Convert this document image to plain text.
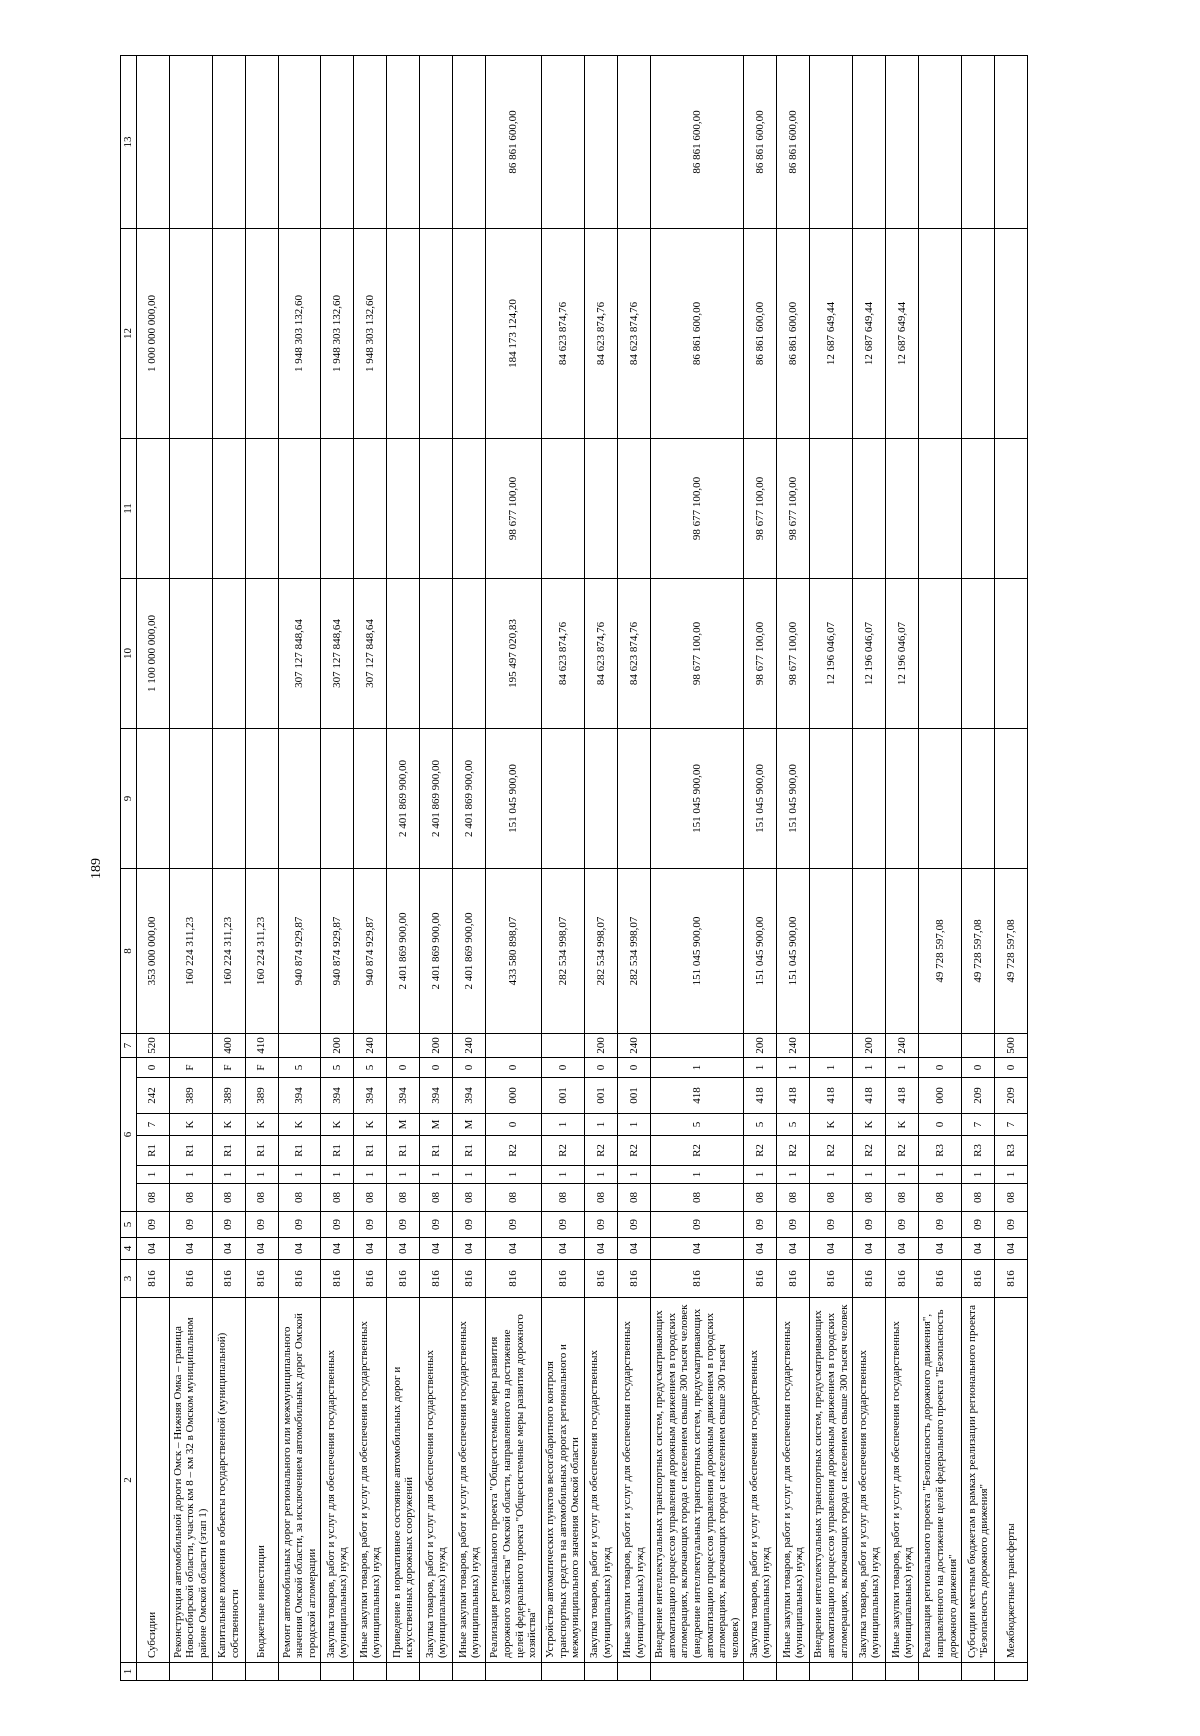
189
1	2	3	4	5	6						7	8	9	10	11	12	13
	Субсидии	816	04	09	08	1	R1	7	242	0	520	353 000 000,00		1 100 000 000,00		1 000 000 000,00	
	Реконструкция автомобильной дороги Омск – Нижняя Омка – граница Новосибирской области, участок км 8 – км 32 в Омском муниципальном районе Омской области (этап 1)	816	04	09	08	1	R1	K	389	F		160 224 311,23					
	Капитальные вложения в объекты государственной (муниципальной) собственности	816	04	09	08	1	R1	K	389	F	400	160 224 311,23					
	Бюджетные инвестиции	816	04	09	08	1	R1	K	389	F	410	160 224 311,23					
	Ремонт автомобильных дорог регионального или межмуниципального значения Омской области, за исключением автомобильных дорог Омской городской агломерации	816	04	09	08	1	R1	K	394	5		940 874 929,87		307 127 848,64		1 948 303 132,60	
	Закупка товаров, работ и услуг для обеспечения государственных (муниципальных) нужд	816	04	09	08	1	R1	K	394	5	200	940 874 929,87		307 127 848,64		1 948 303 132,60	
	Иные закупки товаров, работ и услуг для обеспечения государственных (муниципальных) нужд	816	04	09	08	1	R1	K	394	5	240	940 874 929,87		307 127 848,64		1 948 303 132,60	
	Приведение в нормативное состояние автомобильных дорог и искусственных дорожных сооружений	816	04	09	08	1	R1	M	394	0		2 401 869 900,00	2 401 869 900,00				
	Закупка товаров, работ и услуг для обеспечения государственных (муниципальных) нужд	816	04	09	08	1	R1	M	394	0	200	2 401 869 900,00	2 401 869 900,00				
	Иные закупки товаров, работ и услуг для обеспечения государственных (муниципальных) нужд	816	04	09	08	1	R1	M	394	0	240	2 401 869 900,00	2 401 869 900,00				
	Реализация регионального проекта "Общесистемные меры развития дорожного хозяйства" Омской области, направленного на достижение целей федерального проекта "Общесистемные меры развития дорожного хозяйства"	816	04	09	08	1	R2	0	000	0		433 580 898,07	151 045 900,00	195 497 020,83	98 677 100,00	184 173 124,20	86 861 600,00
	Устройство автоматических пунктов весогабаритного контроля транспортных средств на автомобильных дорогах регионального и межмуниципального значения Омской области	816	04	09	08	1	R2	1	001	0		282 534 998,07		84 623 874,76		84 623 874,76	
	Закупка товаров, работ и услуг для обеспечения государственных (муниципальных) нужд	816	04	09	08	1	R2	1	001	0	200	282 534 998,07		84 623 874,76		84 623 874,76	
	Иные закупки товаров, работ и услуг для обеспечения государственных (муниципальных) нужд	816	04	09	08	1	R2	1	001	0	240	282 534 998,07		84 623 874,76		84 623 874,76	
	Внедрение интеллектуальных транспортных систем, предусматривающих автоматизацию процессов управления дорожным движением в городских агломерациях, включающих города с населением свыше 300 тысяч человек (внедрение интеллектуальных транспортных систем, предусматривающих автоматизацию процессов управления дорожным движением в городских агломерациях, включающих города с населением свыше 300 тысяч человек)	816	04	09	08	1	R2	5	418	1		151 045 900,00	151 045 900,00	98 677 100,00	98 677 100,00	86 861 600,00	86 861 600,00
	Закупка товаров, работ и услуг для обеспечения государственных (муниципальных) нужд	816	04	09	08	1	R2	5	418	1	200	151 045 900,00	151 045 900,00	98 677 100,00	98 677 100,00	86 861 600,00	86 861 600,00
	Иные закупки товаров, работ и услуг для обеспечения государственных (муниципальных) нужд	816	04	09	08	1	R2	5	418	1	240	151 045 900,00	151 045 900,00	98 677 100,00	98 677 100,00	86 861 600,00	86 861 600,00
	Внедрение интеллектуальных транспортных систем, предусматривающих автоматизацию процессов управления дорожным движением в городских агломерациях, включающих города с населением свыше 300 тысяч человек	816	04	09	08	1	R2	K	418	1				12 196 046,07		12 687 649,44	
	Закупка товаров, работ и услуг для обеспечения государственных (муниципальных) нужд	816	04	09	08	1	R2	K	418	1	200			12 196 046,07		12 687 649,44	
	Иные закупки товаров, работ и услуг для обеспечения государственных (муниципальных) нужд	816	04	09	08	1	R2	K	418	1	240			12 196 046,07		12 687 649,44	
	Реализация регионального проекта "Безопасность дорожного движения", направленного на достижение целей федерального проекта "Безопасность дорожного движения"	816	04	09	08	1	R3	0	000	0		49 728 597,08					
	Субсидии местным бюджетам в рамках реализации регионального проекта "Безопасность дорожного движения"	816	04	09	08	1	R3	7	209	0		49 728 597,08					
	Межбюджетные трансферты	816	04	09	08	1	R3	7	209	0	500	49 728 597,08					
